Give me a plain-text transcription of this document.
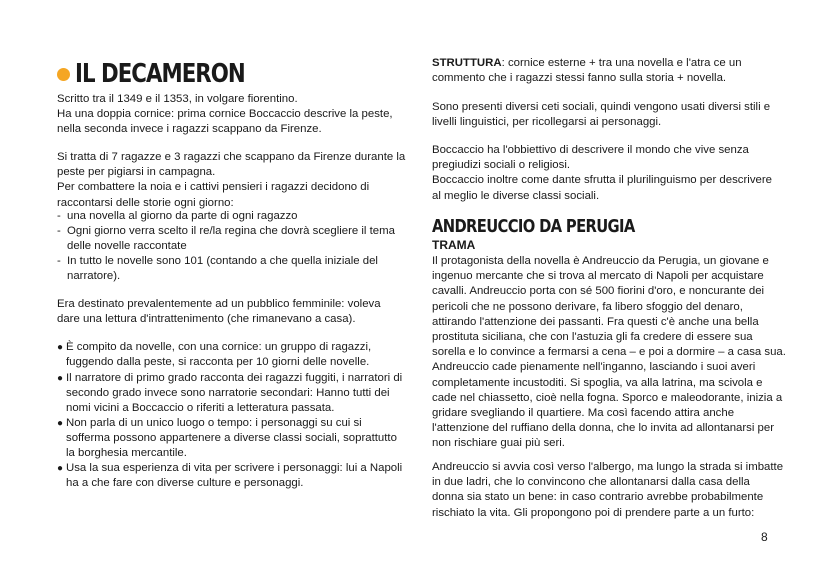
IL DECAMERON

Scritto tra il 1349 e il 1353, in volgare fiorentino.

Ha una doppia cornice: prima cornice Boccaccio descrive la peste,

nella seconda invece i ragazzi scappano da Firenze.

Si tratta di 7 ragazze e 3 ragazzi che scappano da Firenze durante la

peste per pigiarsi in campagna.

Per combattere la noia e i cattivi pensieri i ragazzi decidono di

raccontarsi delle storie ogni giorno:

- una novella al giorno da parte di ogni ragazzo

- Ogni giorno verra scelto il re/la regina che dovrà scegliere il tema

delle novelle raccontate

- In tutto le novelle sono 101 (contando a che quella iniziale del

narratore).

Era destinato prevalentemente ad un pubblico femminile: voleva

dare una lettura d'intrattenimento (che rimanevano a casa).

● È compito da novelle, con una cornice: un gruppo di ragazzi,

fuggendo dalla peste, si racconta per 10 giorni delle novelle.

● Il narratore di primo grado racconta dei ragazzi fuggiti, i narratori di

secondo grado invece sono narratorie secondari: Hanno tutti dei

nomi vicini a Boccaccio o riferiti a letteratura passata.

● Non parla di un unico luogo o tempo: i personaggi su cui si

sofferma possono appartenere a diverse classi sociali, soprattutto

la borghesia mercantile.

● Usa la sua esperienza di vita per scrivere i personaggi: lui a Napoli

ha a che fare con diverse culture e personaggi.

STRUTTURA: cornice esterne + tra una novella e l'atra ce un

commento che i ragazzi stessi fanno sulla storia + novella.

Sono presenti diversi ceti sociali, quindi vengono usati diversi stili e

livelli linguistici, per ricollegarsi ai personaggi.

Boccaccio ha l'obbiettivo di descrivere il mondo che vive senza

pregiudizi sociali o religiosi.

Boccaccio inoltre come dante sfrutta il plurilinguismo per descrivere

al meglio le diverse classi sociali.

ANDREUCCIO DA PERUGIA

TRAMA

Il protagonista della novella è Andreuccio da Perugia, un giovane e

ingenuo mercante che si trova al mercato di Napoli per acquistare

cavalli. Andreuccio porta con sé 500 fiorini d'oro, e noncurante dei

pericoli che ne possono derivare, fa libero sfoggio del denaro,

attirando l'attenzione dei passanti. Fra questi c'è anche una bella

prostituta siciliana, che con l'astuzia gli fa credere di essere sua

sorella e lo convince a fermarsi a cena – e poi a dormire – a casa sua.

Andreuccio cade pienamente nell'inganno, lasciando i suoi averi

completamente incustoditi. Si spoglia, va alla latrina, ma scivola e

cade nel chiassetto, cioè nella fogna. Sporco e maleodorante, inizia a

gridare svegliando il quartiere. Ma così facendo attira anche

l'attenzione del ruffiano della donna, che lo invita ad allontanarsi per

non rischiare guai più seri.

Andreuccio si avvia così verso l'albergo, ma lungo la strada si imbatte

in due ladri, che lo convincono che allontanarsi dalla casa della

donna sia stato un bene: in caso contrario avrebbe probabilmente

rischiato la vita. Gli propongono poi di prendere parte a un furto:

8
